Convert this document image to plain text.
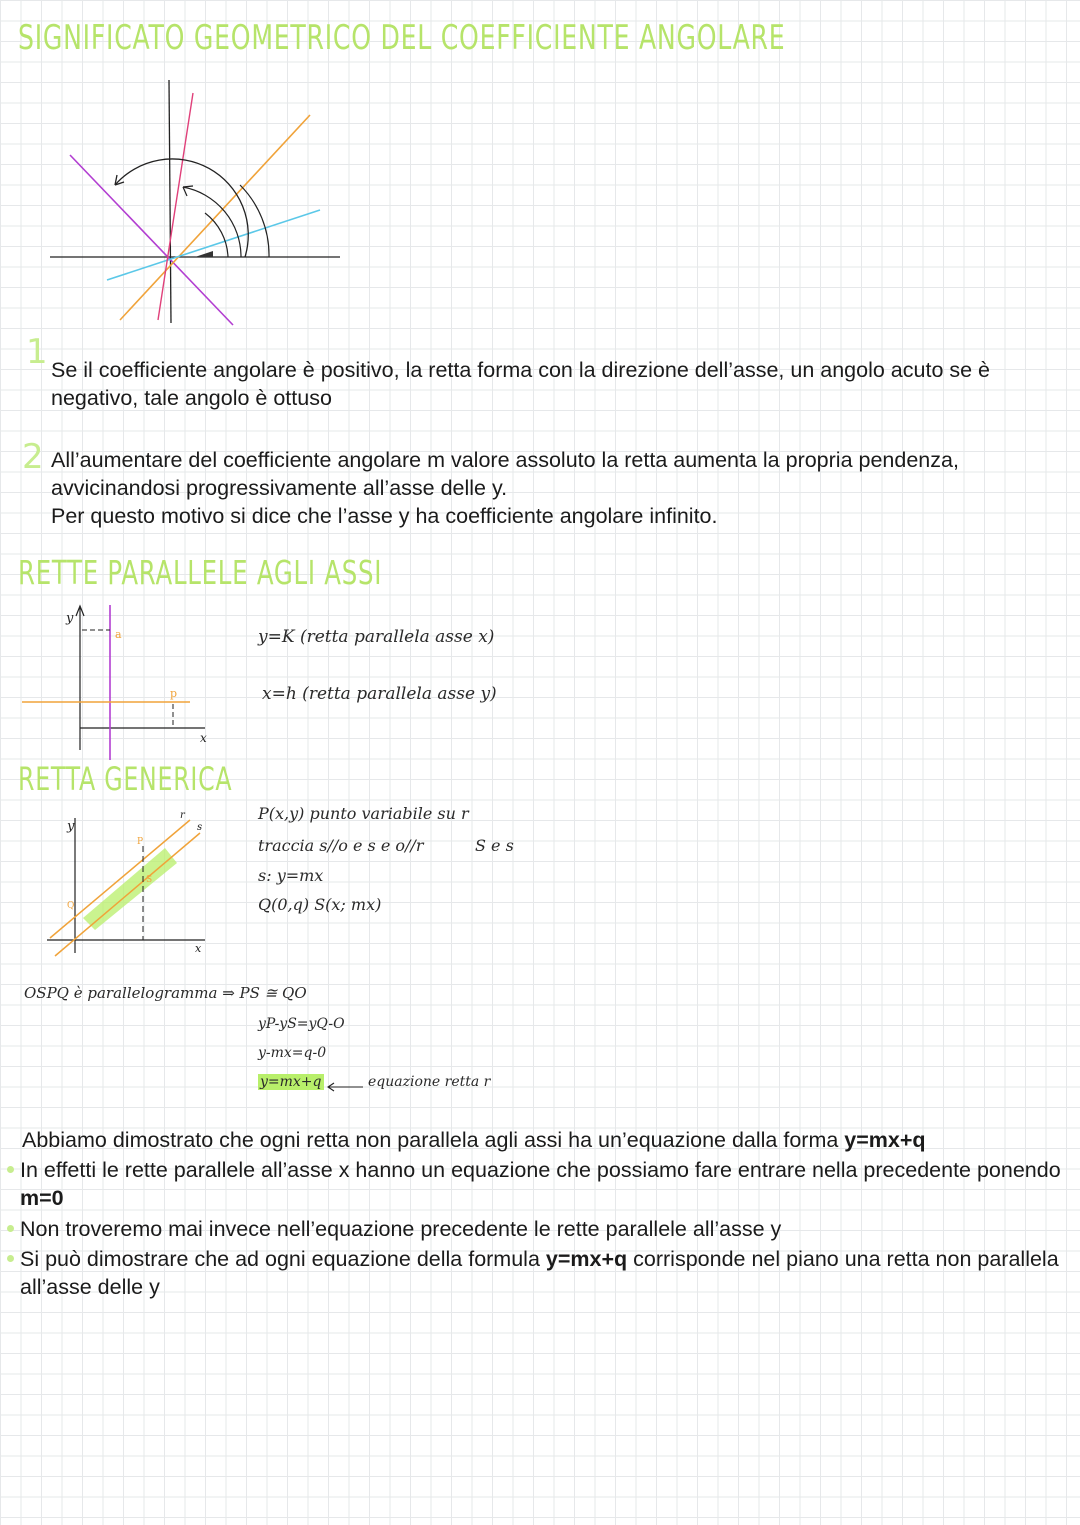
SIGNIFICATO GEOMETRICO DEL COEFFICIENTE ANGOLARE
1 Se il coefficiente angolare è positivo, la retta forma con la direzione dell’asse, un angolo acuto se è negativo, tale angolo è ottuso
2 All’aumentare del coefficiente angolare m valore assoluto la retta aumenta la propria pendenza, avvicinandosi progressivamente all’asse delle y.
Per questo motivo si dice che l’asse y ha coefficiente angolare infinito.
RETTE PARALLELE AGLI ASSI
y
a
p
x
y=K (retta parallela asse x)
x=h (retta parallela asse y)
RETTA GENERICA
y
r
s
P
Q
S
x
P(x,y) punto variabile su r
traccia s//o e s e o//r	S e s
s: y=mx
Q(0,q) S(x; mx)
OSPQ è parallelogramma ⇒ PS ≅ QO
yP-yS=yQ-O
y-mx=q-0
y=mx+q	equazione retta r
Abbiamo dimostrato che ogni retta non parallela agli assi ha un’equazione dalla forma y=mx+q
In effetti le rette parallele all’asse x hanno un equazione che possiamo fare entrare nella precedente ponendo m=0
Non troveremo mai invece nell’equazione precedente le rette parallele all’asse y
Si può dimostrare che ad ogni equazione della formula y=mx+q corrisponde nel piano una retta non parallela all’asse delle y
